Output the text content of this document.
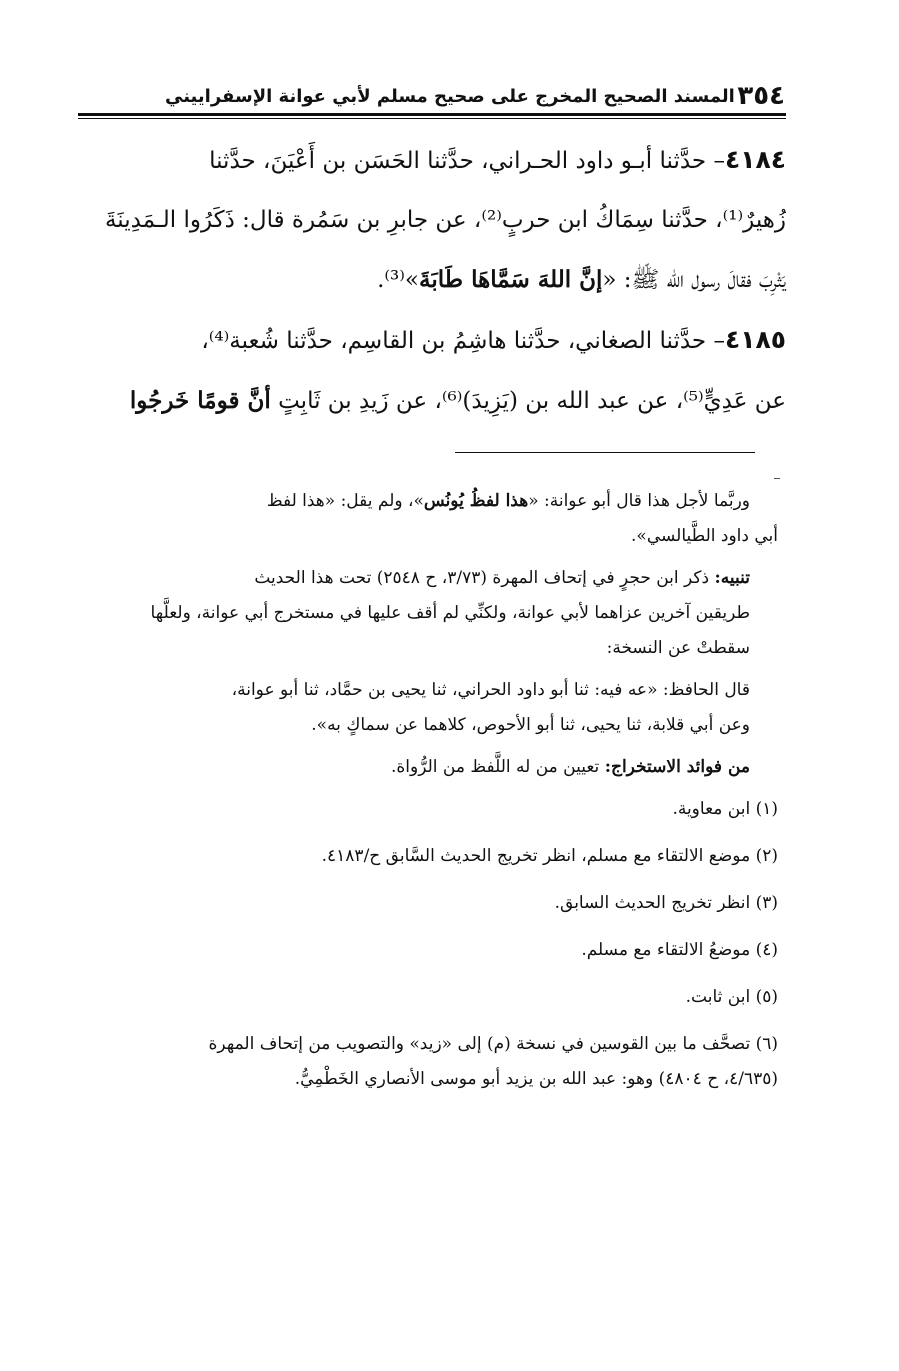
٣٥٤
المسند الصحيح المخرج على صحيح مسلم لأبي عوانة الإسفراييني

٤١٨٤– حدَّثنا أبـو داود الحـراني، حدَّثنا الحَسَن بن أَعْيَنَ، حدَّثنا
زُهيرٌ⁽¹⁾، حدَّثنا سِمَاكُ ابن حربٍ⁽²⁾، عن جابرِ بن سَمُرة قال: ذَكَرُوا الـمَدِينَةَ
يَثْرِبَ فقالَ رسول الله ﷺ: «إنَّ اللهَ سَمَّاهَا طَابَةَ»⁽³⁾.

٤١٨٥– حدَّثنا الصغاني، حدَّثنا هاشِمُ بن القاسِم، حدَّثنا شُعبة⁽⁴⁾،
عن عَدِيٍّ⁽⁵⁾، عن عبد الله بن (يَزِيدَ)⁽⁶⁾، عن زَيدِ بن ثَابِتٍ أنَّ قومًا خَرجُوا

وربَّما لأجل هذا قال أبو عوانة: «هذا لفظُ يُونُس»، ولم يقل: «هذا لفظ
أبي داود الطَّيالسي».

تنبيه: ذكر ابن حجرٍ في إتحاف المهرة (٣/٧٣، ح ٢٥٤٨) تحت هذا الحديث
طريقين آخرين عزاهما لأبي عوانة، ولكنِّي لم أقف عليها في مستخرج أبي عوانة، ولعلَّها
سقطتْ عن النسخة:

قال الحافظ: «عه فيه: ثنا أبو داود الحراني، ثنا يحيى بن حمَّاد، ثنا أبو عوانة،
وعن أبي قلابة، ثنا يحيى، ثنا أبو الأحوص، كلاهما عن سماكٍ به».

من فوائد الاستخراج: تعيين من له اللَّفظ من الرُّواة.

(١) ابن معاوية.

(٢) موضع الالتقاء مع مسلم، انظر تخريج الحديث السَّابق ح/٤١٨٣.

(٣) انظر تخريج الحديث السابق.

(٤) موضعُ الالتقاء مع مسلم.

(٥) ابن ثابت.

(٦) تصحَّف ما بين القوسين في نسخة (م) إلى «زيد» والتصويب من إتحاف المهرة
(٤/٦٣٥، ح ٤٨٠٤) وهو: عبد الله بن يزيد أبو موسى الأنصاري الخَطْمِيُّ.
